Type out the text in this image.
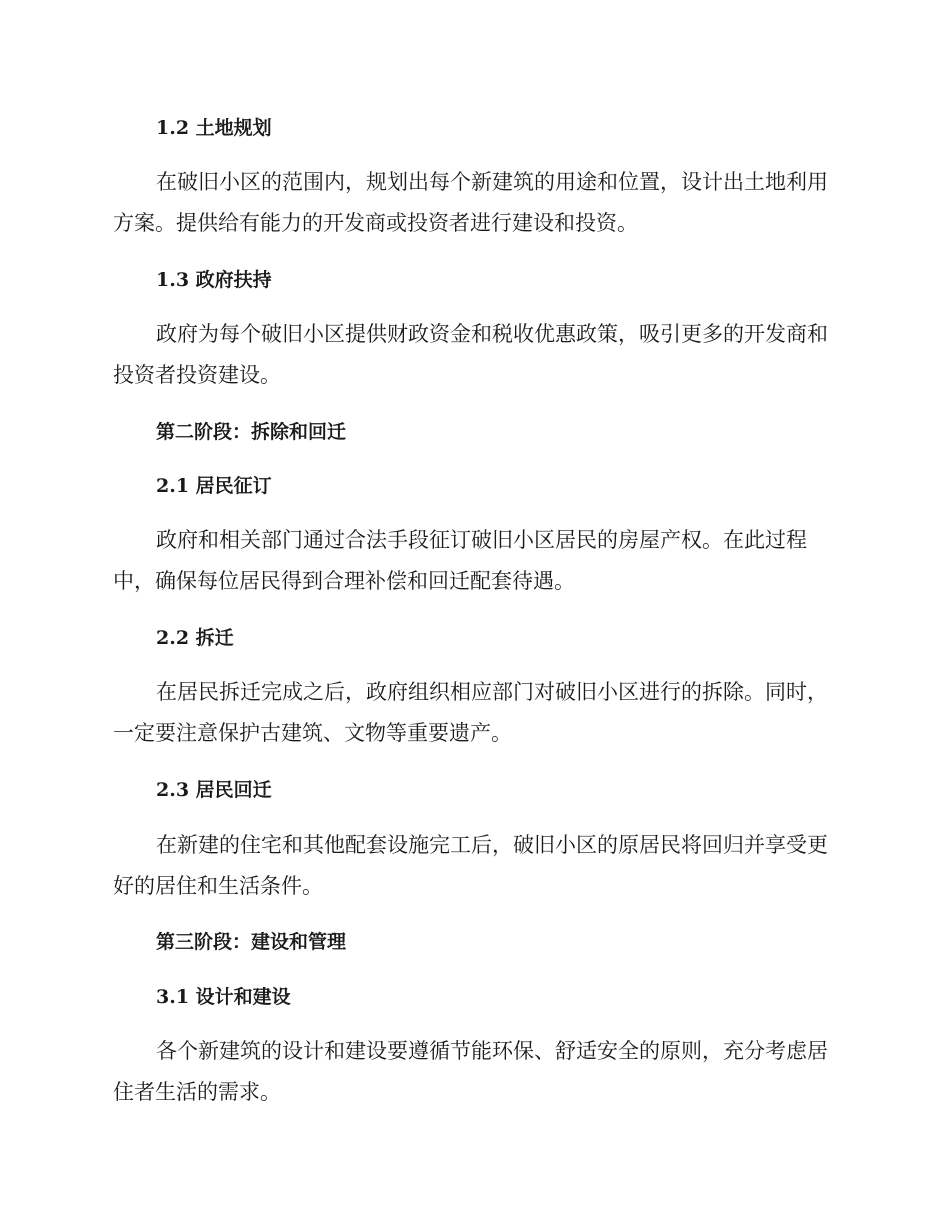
1.2 土地规划

在破旧小区的范围内，规划出每个新建筑的用途和位置，设计出土地利用方案。提供给有能力的开发商或投资者进行建设和投资。

1.3 政府扶持

政府为每个破旧小区提供财政资金和税收优惠政策，吸引更多的开发商和投资者投资建设。

第二阶段：拆除和回迁
2.1 居民征订

政府和相关部门通过合法手段征订破旧小区居民的房屋产权。在此过程中，确保每位居民得到合理补偿和回迁配套待遇。

2.2 拆迁

在居民拆迁完成之后，政府组织相应部门对破旧小区进行的拆除。同时，一定要注意保护古建筑、文物等重要遗产。

2.3 居民回迁

在新建的住宅和其他配套设施完工后，破旧小区的原居民将回归并享受更好的居住和生活条件。

第三阶段：建设和管理
3.1 设计和建设

各个新建筑的设计和建设要遵循节能环保、舒适安全的原则，充分考虑居住者生活的需求。
